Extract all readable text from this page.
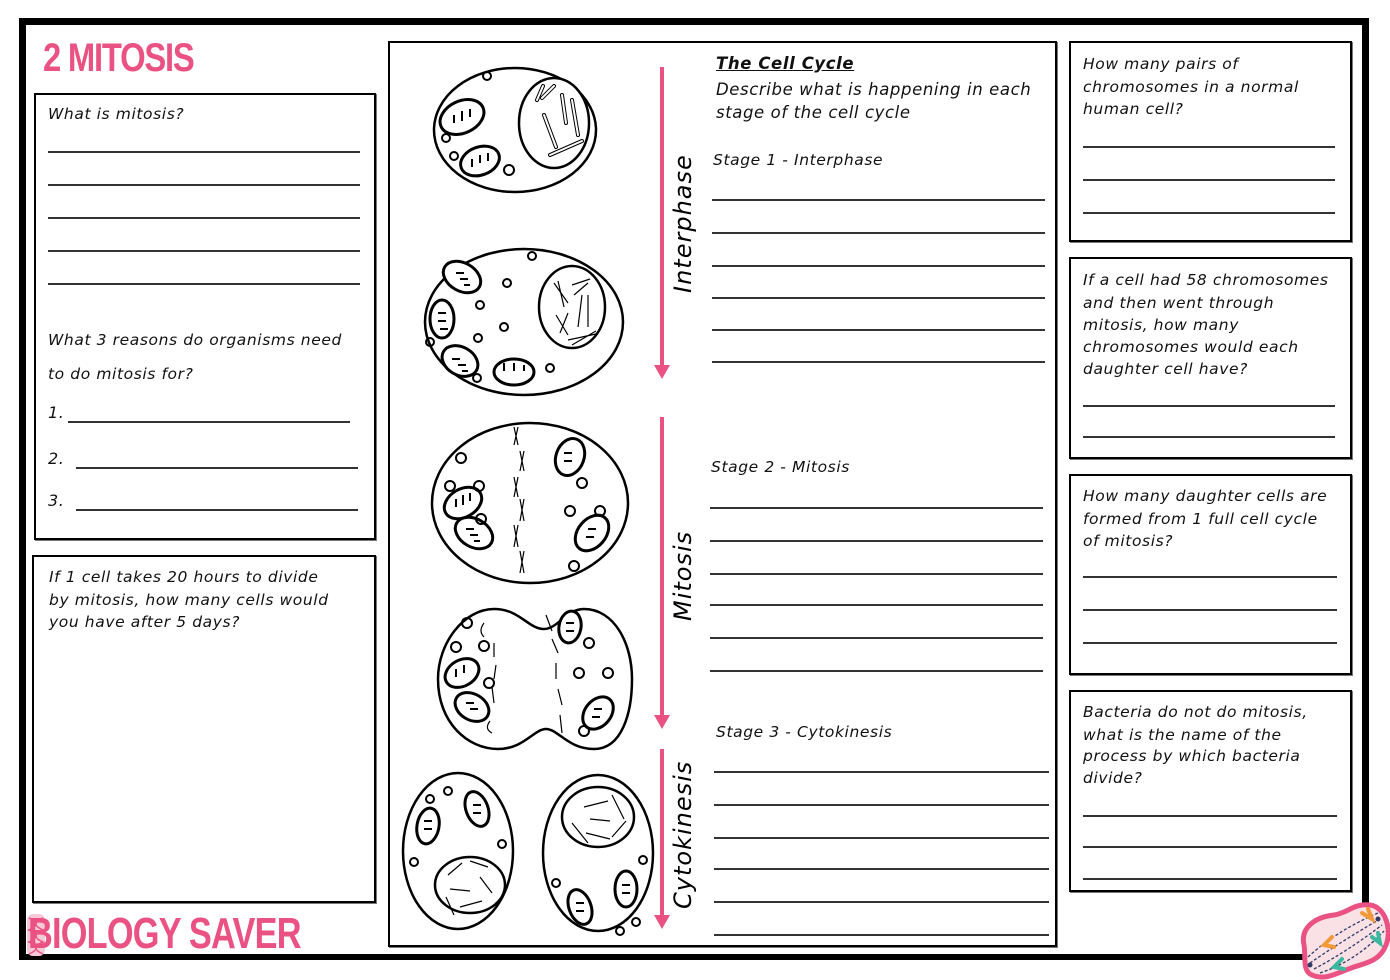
2 MITOSIS
What is mitosis?
What 3 reasons do organisms need
to do mitosis for?
1.
2.
3.
If 1 cell takes 20 hours to divide
by mitosis, how many cells would
you have after 5 days?
BIOLOGY SAVER
Interphase
Mitosis
Cytokinesis
The Cell Cycle
Describe what is happening in each
stage of the cell cycle
Stage 1 - Interphase
Stage 2 - Mitosis
Stage 3 - Cytokinesis
How many pairs of
chromosomes in a normal
human cell?
If a cell had 58 chromosomes
and then went through
mitosis, how many
chromosomes would each
daughter cell have?
How many daughter cells are
formed from 1 full cell cycle
of mitosis?
Bacteria do not do mitosis,
what is the name of the
process by which bacteria
divide?
